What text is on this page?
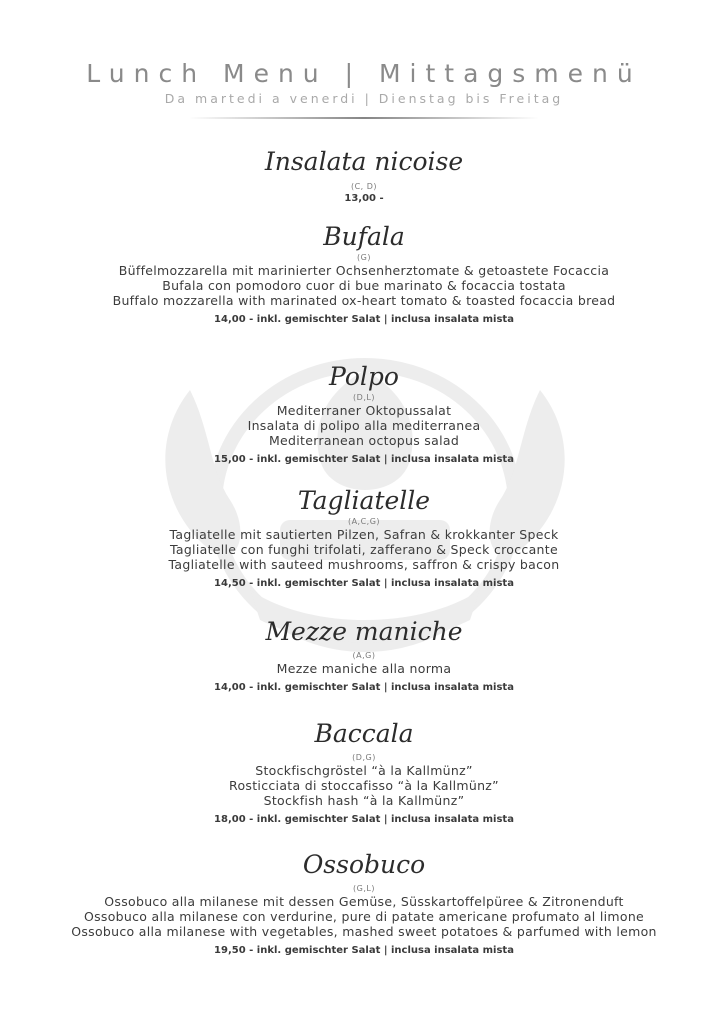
Lunch Menu | Mittagsmenü
Da martedi a venerdi | Dienstag bis Freitag
Insalata nicoise
(C, D)
13,00 -
Bufala
(G)
Büffelmozzarella mit marinierter Ochsenherztomate & getoastete Focaccia
Bufala con pomodoro cuor di bue marinato & focaccia tostata
Buffalo mozzarella with marinated ox-heart tomato & toasted focaccia bread
14,00 - inkl. gemischter Salat | inclusa insalata mista
Polpo
(D,L)
Mediterraner Oktopussalat
Insalata di polipo alla mediterranea
Mediterranean octopus salad
15,00 - inkl. gemischter Salat | inclusa insalata mista
Tagliatelle
(A,C,G)
Tagliatelle mit sautierten Pilzen, Safran & krokkanter Speck
Tagliatelle con funghi trifolati, zafferano & Speck croccante
Tagliatelle with sauteed mushrooms, saffron & crispy bacon
14,50 - inkl. gemischter Salat | inclusa insalata mista
Mezze maniche
(A,G)
Mezze maniche alla norma
14,00 - inkl. gemischter Salat | inclusa insalata mista
Baccala
(D,G)
Stockfischgröstel “à la Kallmünz”
Rosticciata di stoccafisso “à la Kallmünz”
Stockfish hash “à la Kallmünz”
18,00 - inkl. gemischter Salat | inclusa insalata mista
Ossobuco
(G,L)
Ossobuco alla milanese mit dessen Gemüse, Süsskartoffelpüree & Zitronenduft
Ossobuco alla milanese con verdurine, pure di patate americane profumato al limone
Ossobuco alla milanese with vegetables, mashed sweet potatoes & parfumed with lemon
19,50 - inkl. gemischter Salat | inclusa insalata mista
